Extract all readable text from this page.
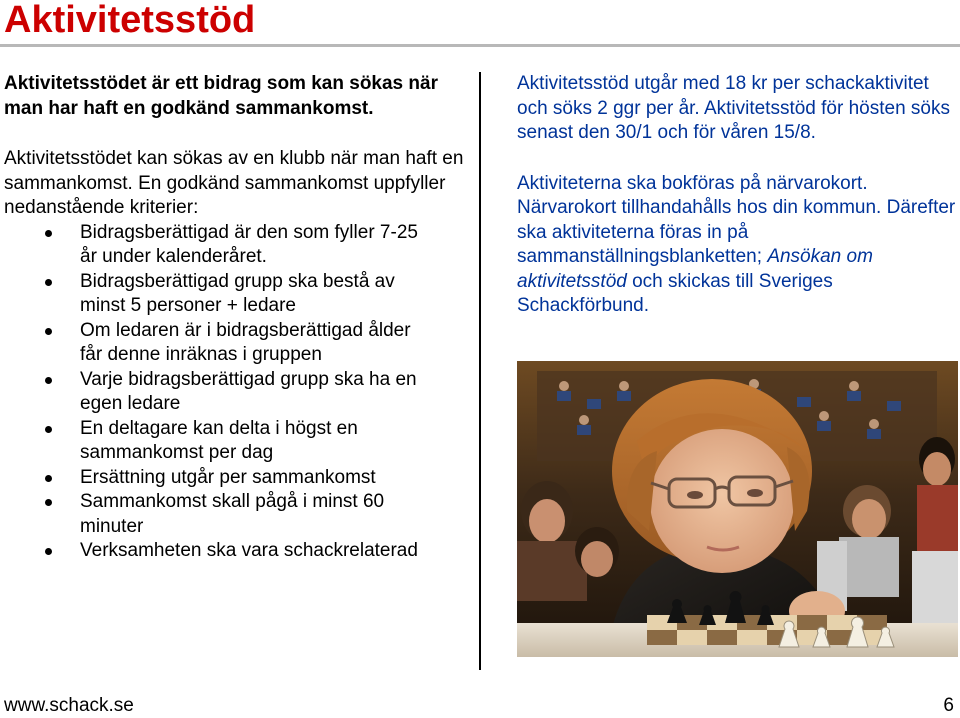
Aktivitetsstöd

Aktivitetsstödet är ett bidrag som kan sökas när man har haft en godkänd sammankomst.

Aktivitetsstödet kan sökas av en klubb när man haft en sammankomst. En godkänd sammankomst uppfyller nedanstående kriterier:

Bidragsberättigad är den som fyller 7-25 år under kalenderåret.
Bidragsberättigad grupp ska bestå av minst 5 personer + ledare
Om ledaren är i bidragsberättigad ålder får denne inräknas i gruppen
Varje bidragsberättigad grupp ska ha en egen ledare
En deltagare kan delta i högst en sammankomst per dag
Ersättning utgår per sammankomst
Sammankomst skall pågå i minst 60 minuter
Verksamheten ska vara schackrelaterad

Aktivitetsstöd utgår med 18 kr per schackaktivitet och söks 2 ggr per år. Aktivitetsstöd för hösten söks senast den 30/1 och för våren 15/8.

Aktiviteterna ska bokföras på närvarokort. Närvarokort tillhandahålls hos din kommun. Därefter ska aktiviteterna föras in på sammanställningsblanketten; Ansökan om aktivitetsstöd och skickas till Sveriges Schackförbund.

www.schack.se	6
